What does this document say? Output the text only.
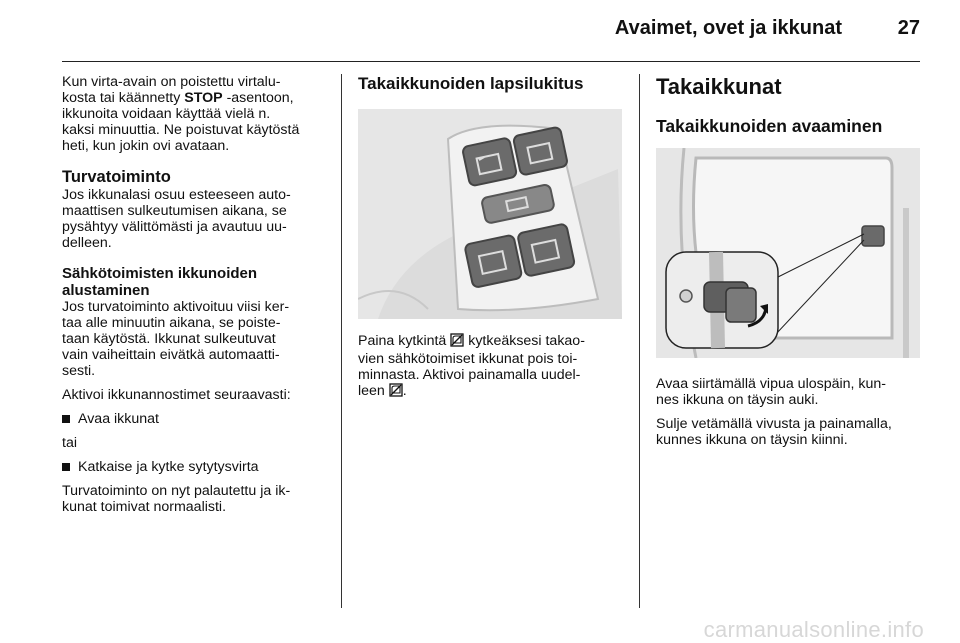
Avaimet, ovet ja ikkunat	27

Kun virta-avain on poistettu virtalu-

kosta tai käännetty STOP -asentoon,

ikkunoita voidaan käyttää vielä n.

kaksi minuuttia. Ne poistuvat käytöstä

heti, kun jokin ovi avataan.

Turvatoiminto

Jos ikkunalasi osuu esteeseen auto-

maattisen sulkeutumisen aikana, se

pysähtyy välittömästi ja avautuu uu-

delleen.

Sähkötoimisten ikkunoiden
alustaminen

Jos turvatoiminto aktivoituu viisi ker-

taa alle minuutin aikana, se poiste-

taan käytöstä. Ikkunat sulkeutuvat

vain vaiheittain eivätkä automaatti-

sesti.

Aktivoi ikkunannostimet seuraavasti:

Avaa ikkunat

tai

Katkaise ja kytke sytytysvirta

Turvatoiminto on nyt palautettu ja ik-

kunat toimivat normaalisti.

Takaikkunoiden lapsilukitus

Paina kytkintä  kytkeäksesi takao-

vien sähkötoimiset ikkunat pois toi-

minnasta. Aktivoi painamalla uudel-

leen .

Takaikkunat
Takaikkunoiden avaaminen

Avaa siirtämällä vipua ulospäin, kun-

nes ikkuna on täysin auki.

Sulje vetämällä vivusta ja painamalla,

kunnes ikkuna on täysin kiinni.

carmanualsonline.info
